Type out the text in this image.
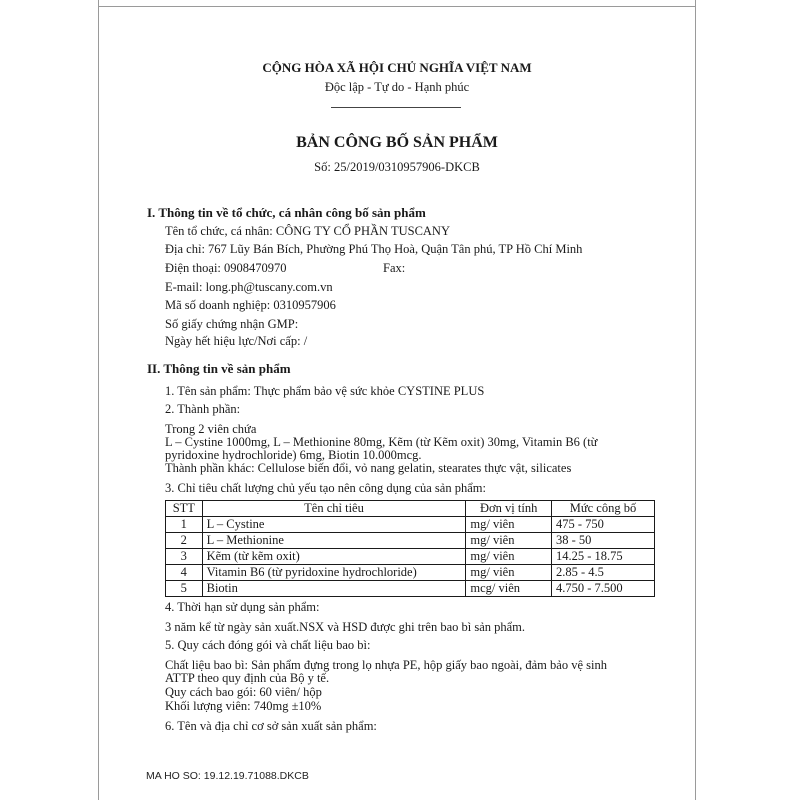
CỘNG HÒA XÃ HỘI CHỦ NGHĨA VIỆT NAM
Độc lập - Tự do - Hạnh phúc
BẢN CÔNG BỐ SẢN PHẨM
Số: 25/2019/0310957906-DKCB
I. Thông tin về tổ chức, cá nhân công bố sản phẩm
Tên tổ chức, cá nhân: CÔNG TY CỔ PHẦN TUSCANY
Địa chỉ: 767 Lũy Bán Bích, Phường Phú Thọ Hoà, Quận Tân phú, TP Hồ Chí Minh
Điện thoại: 0908470970	Fax:
E-mail: long.ph@tuscany.com.vn
Mã số doanh nghiệp: 0310957906
Số giấy chứng nhận GMP:
Ngày hết hiệu lực/Nơi cấp: /
II. Thông tin về sản phẩm
1. Tên sản phẩm: Thực phẩm bảo vệ sức khỏe CYSTINE PLUS
2. Thành phần:
Trong 2 viên chứa
L – Cystine 1000mg, L – Methionine 80mg, Kẽm (từ Kẽm oxit) 30mg, Vitamin B6 (từ
pyridoxine hydrochloride) 6mg, Biotin 10.000mcg.
Thành phần khác: Cellulose biến đổi, vỏ nang gelatin, stearates thực vật, silicates
3. Chỉ tiêu chất lượng chủ yếu tạo nên công dụng của sản phẩm:
STT	Tên chỉ tiêu	Đơn vị tính	Mức công bố
1	L – Cystine	mg/ viên	475 - 750
2	L – Methionine	mg/ viên	38 - 50
3	Kẽm (từ kẽm oxit)	mg/ viên	14.25 - 18.75
4	Vitamin B6 (từ pyridoxine hydrochloride)	mg/ viên	2.85 - 4.5
5	Biotin	mcg/ viên	4.750 - 7.500
4. Thời hạn sử dụng sản phẩm:
3 năm kể từ ngày sản xuất.NSX và HSD được ghi trên bao bì sản phẩm.
5. Quy cách đóng gói và chất liệu bao bì:
Chất liệu bao bì: Sản phẩm đựng trong lọ nhựa PE, hộp giấy bao ngoài, đảm bảo vệ sinh
ATTP theo quy định của Bộ y tế.
Quy cách bao gói: 60 viên/ hộp
Khối lượng viên: 740mg ±10%
6. Tên và địa chỉ cơ sở sản xuất sản phẩm:
MA HO SO: 19.12.19.71088.DKCB
